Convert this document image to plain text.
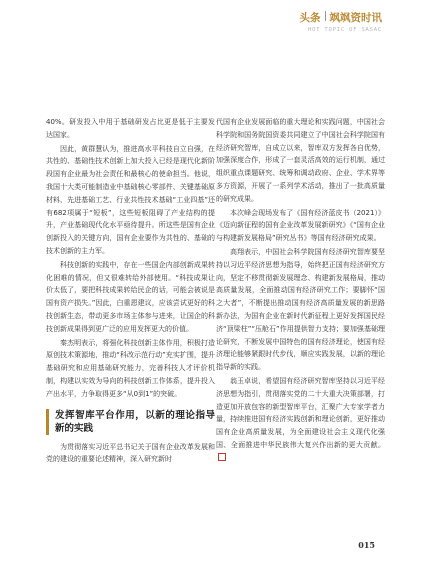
头条 飒飒资时讯
HOT TOPIC OF SASAC

40%。研发投入中用于基础研发占比更是低于主要发达国家。

因此，黄群慧认为，推进高水平科技自立自强，在共性的、基础性技术创新上加大投入已经是现代化新阶段国有企业最为社会责任和最核心的使命担当。他说，我国十大类可能制造业中基础核心零部件、关键基础原材料、先进基础工艺、行业共性技术基础“工业四基”还有682项属于“短板”，这些短板阻碍了产业结构的提升，产业基础现代化水平亟待提升。所这些是国有企业创新投入的关键方向，国有企业要作为共性的、基础的技术创新的主力军。

科技创新的实践中，存在一些国企内部创新成果转化困难的情况，但又很难转给外部使用。“科技成果让价太低了，要把科技成果转给民企的话，可能会被说是国有资产损失。”因此，白重恩建议，应该尝试更好的科技创新生态，带动更多市场主体参与进来，让国企的科技创新成果得到更广泛的应用发挥更大的价值。

秦杰明表示，将强化科技创新主体作用，积极打造原创技术策源地，推动“科改示范行动”充实扩围，提升基础研究和应用基础研究能力，完善科技人才评价机制，构建以实效为导向的科技创新工作体系，提升投入产出水平，力争取得更多“从0到1”的突破。

发挥智库平台作用，以新的理论指导新的实践

为贯彻落实习近平总书记关于国有企业改革发展和党的建设的重要论述精神，深入研究新时

代国有企业发展面临的重大理论和实践问题，中国社会科学院和国务院国资委共同建立了中国社会科学院国有经济研究智库，自成立以来，智库双方发挥各自优势，加强深度合作，形成了一套灵活高效的运行机制，通过组织重点课题研究、统筹和调动政府、企业、学术界等多方资源，开展了一系列学术活动，推出了一批高质量的研究成果。

本次峰会现场发布了《国有经济蓝皮书（2021）》《迈向新征程的国有企业改革发展新研究》《“国有企业与构建新发展格局”研究丛书》等国有经济研究成果。

高翔表示，中国社会科学院国有经济研究智库要坚持以习近平经济思想为指导，始终把正国有经济研究方向，坚定不移贯彻新发展理念、构建新发展格局，推动高质量发展，全面推动国有经济研究工作；要脚怀“国之大者”，不断提出推动国有经济高质量发展的新思路新办法，为国有企业在新时代新征程上更好发挥国民经济“顶梁柱”“压舱石”作用提供智力支持；要加强基础理论研究，不断发展中国特色的国有经济理论，使国有经济理论能够紧跟时代步伐，顺应实践发展，以新的理论指导新的实践。

翁玉卓说，希望国有经济研究智库坚持以习近平经济思想为指引，贯彻落实党的二十大重大决策部署，打造更加开放包容的新型智库平台，汇聚广大专家学者力量，持续推进国有经济实践创新和理论创新，更好推动国有企业高质量发展，为全面建设社会主义现代化强国、全面推进中华民族伟大复兴作出新的更大贡献。

015
